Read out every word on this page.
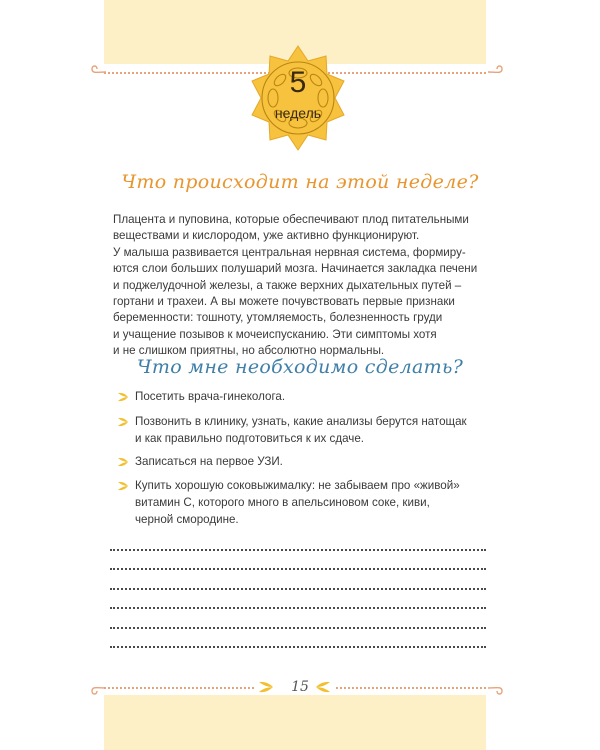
5
недель
Что происходит на этой неделе?
Плацента и пуповина, которые обеспечивают плод питательными
веществами и кислородом, уже активно функционируют.
У малыша развивается центральная нервная система, формиру-
ются слои больших полушарий мозга. Начинается закладка печени
и поджелудочной железы, а также верхних дыхательных путей –
гортани и трахеи. А вы можете почувствовать первые признаки
беременности: тошноту, утомляемость, болезненность груди
и учащение позывов к мочеиспусканию. Эти симптомы хотя
и не слишком приятны, но абсолютно нормальны.
Что мне необходимо сделать?
Посетить врача-гинеколога.
Позвонить в клинику, узнать, какие анализы берутся натощак
и как правильно подготовиться к их сдаче.
Записаться на первое УЗИ.
Купить хорошую соковыжималку: не забываем про «живой»
витамин С, которого много в апельсиновом соке, киви,
черной смородине.
15
